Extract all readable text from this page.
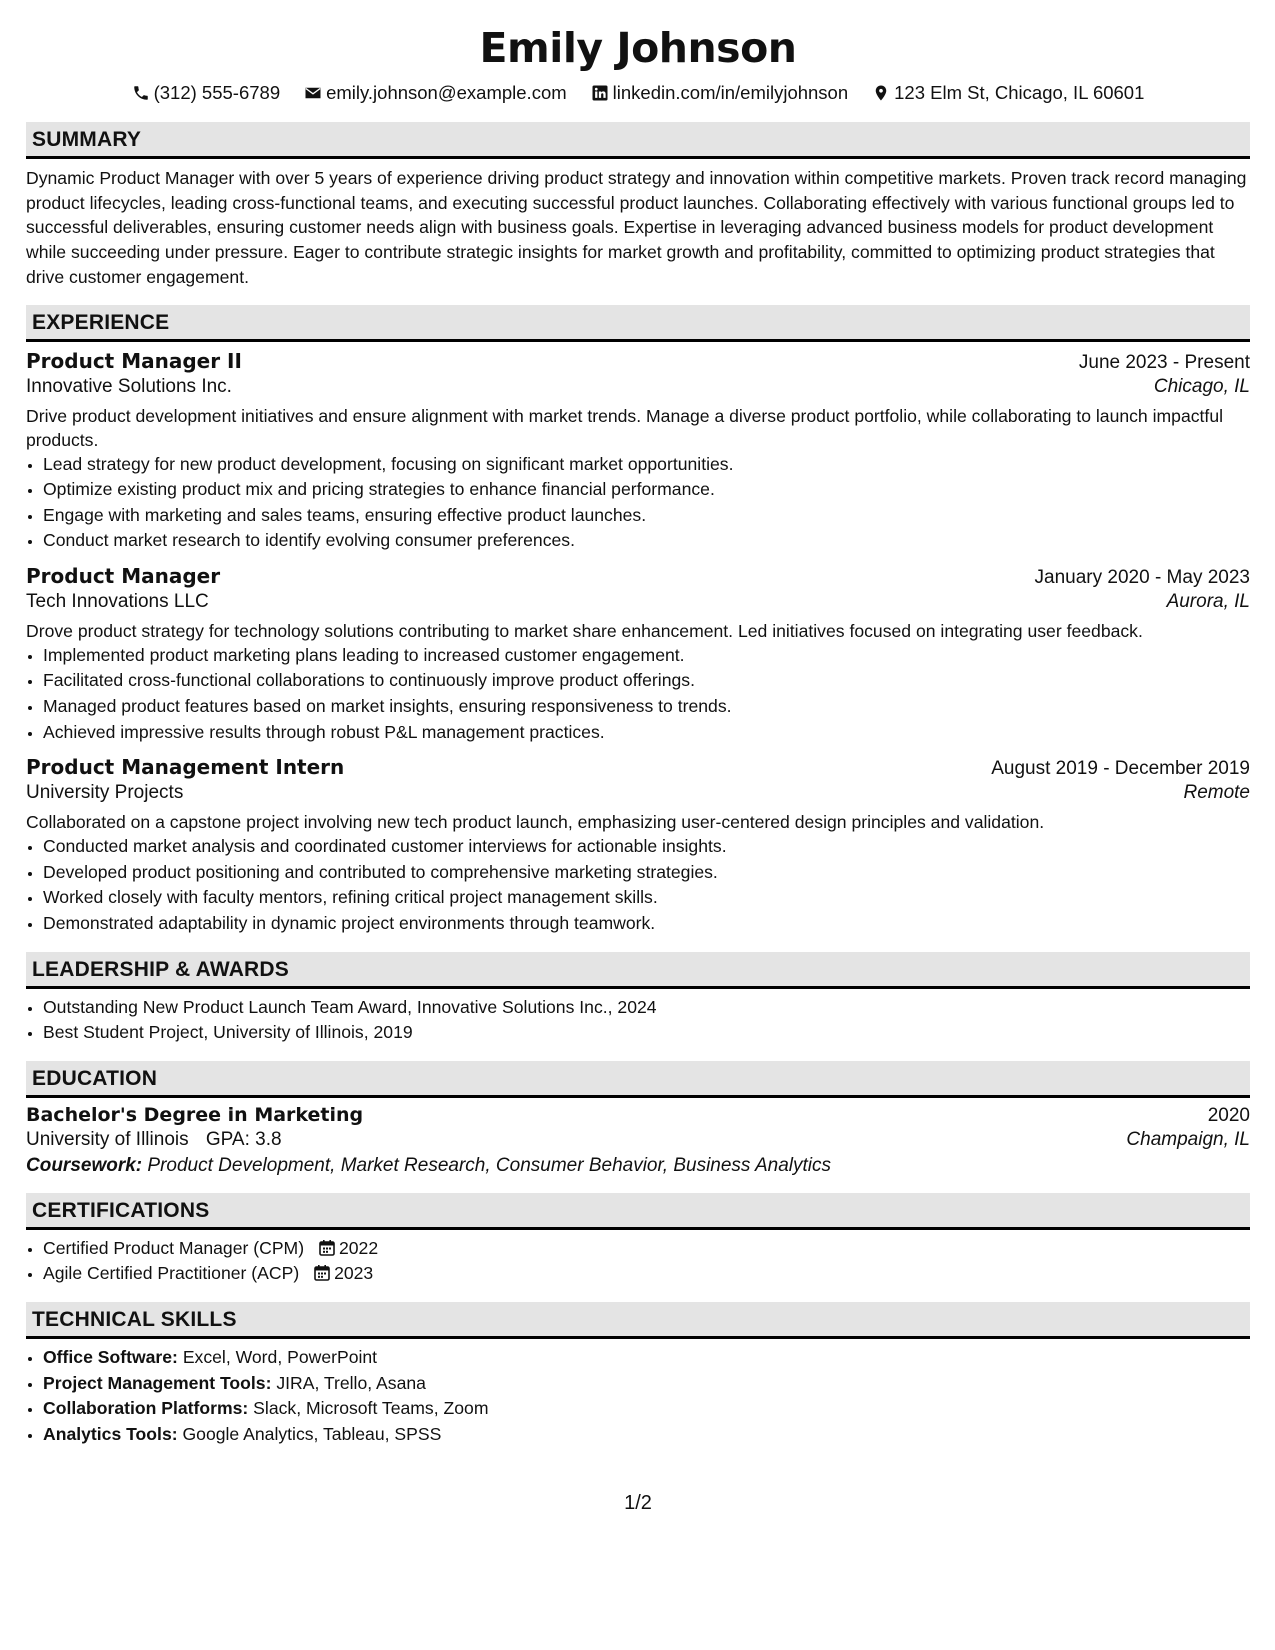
Emily Johnson
(312) 555-6789 emily.johnson@example.com linkedin.com/in/emilyjohnson 123 Elm St, Chicago, IL 60601
SUMMARY
Dynamic Product Manager with over 5 years of experience driving product strategy and innovation within competitive markets. Proven track record managing product lifecycles, leading cross-functional teams, and executing successful product launches. Collaborating effectively with various functional groups led to successful deliverables, ensuring customer needs align with business goals. Expertise in leveraging advanced business models for product development while succeeding under pressure. Eager to contribute strategic insights for market growth and profitability, committed to optimizing product strategies that drive customer engagement.
EXPERIENCE
Product Manager II	June 2023 - Present
Innovative Solutions Inc.	Chicago, IL
Drive product development initiatives and ensure alignment with market trends. Manage a diverse product portfolio, while collaborating to launch impactful products.
• Lead strategy for new product development, focusing on significant market opportunities.
• Optimize existing product mix and pricing strategies to enhance financial performance.
• Engage with marketing and sales teams, ensuring effective product launches.
• Conduct market research to identify evolving consumer preferences.
Product Manager	January 2020 - May 2023
Tech Innovations LLC	Aurora, IL
Drove product strategy for technology solutions contributing to market share enhancement. Led initiatives focused on integrating user feedback.
• Implemented product marketing plans leading to increased customer engagement.
• Facilitated cross-functional collaborations to continuously improve product offerings.
• Managed product features based on market insights, ensuring responsiveness to trends.
• Achieved impressive results through robust P&L management practices.
Product Management Intern	August 2019 - December 2019
University Projects	Remote
Collaborated on a capstone project involving new tech product launch, emphasizing user-centered design principles and validation.
• Conducted market analysis and coordinated customer interviews for actionable insights.
• Developed product positioning and contributed to comprehensive marketing strategies.
• Worked closely with faculty mentors, refining critical project management skills.
• Demonstrated adaptability in dynamic project environments through teamwork.
LEADERSHIP & AWARDS
• Outstanding New Product Launch Team Award, Innovative Solutions Inc., 2024
• Best Student Project, University of Illinois, 2019
EDUCATION
Bachelor's Degree in Marketing	2020
University of Illinois GPA: 3.8	Champaign, IL
Coursework: Product Development, Market Research, Consumer Behavior, Business Analytics
CERTIFICATIONS
• Certified Product Manager (CPM) 2022
• Agile Certified Practitioner (ACP) 2023
TECHNICAL SKILLS
• Office Software: Excel, Word, PowerPoint
• Project Management Tools: JIRA, Trello, Asana
• Collaboration Platforms: Slack, Microsoft Teams, Zoom
• Analytics Tools: Google Analytics, Tableau, SPSS
1/2
